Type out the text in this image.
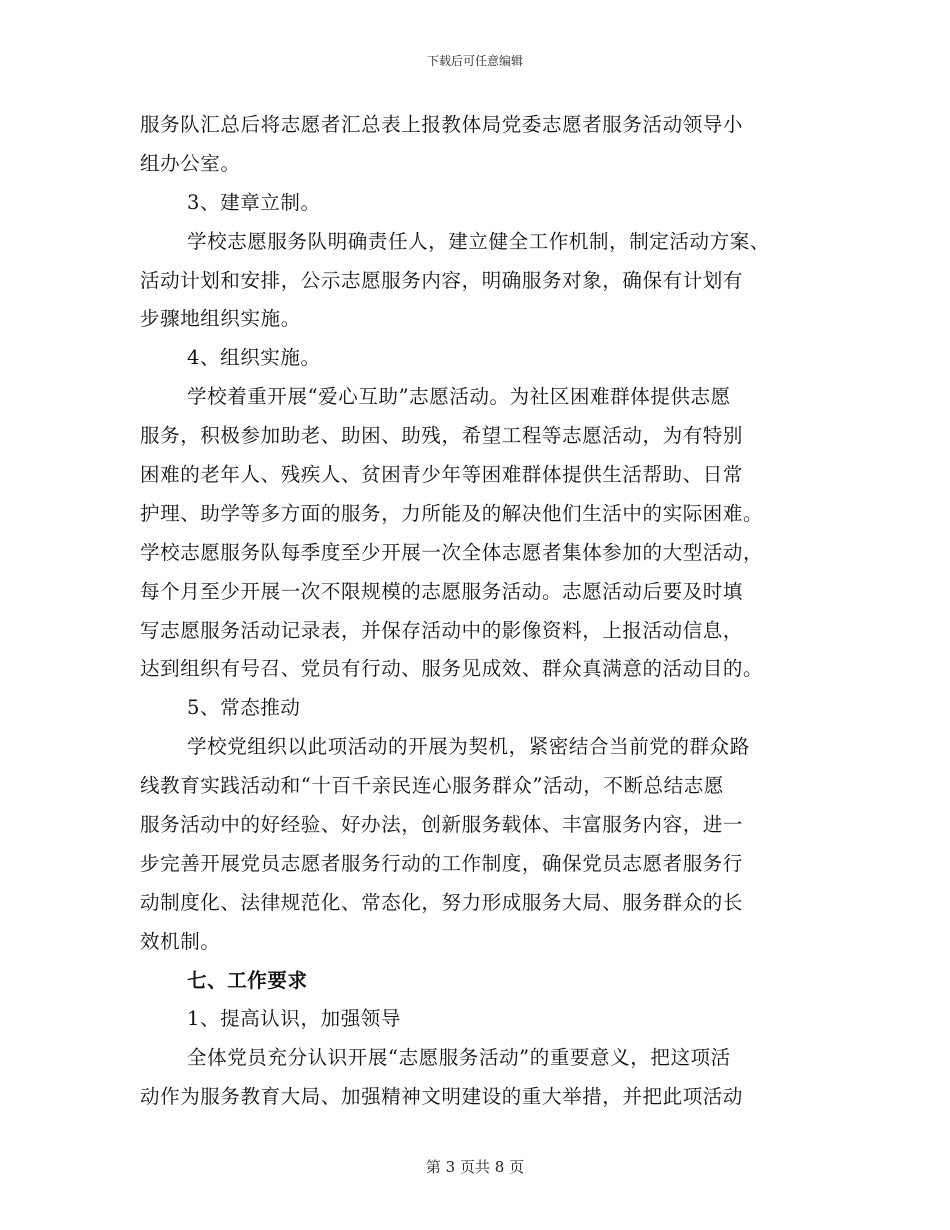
下载后可任意编辑
服务队汇总后将志愿者汇总表上报教体局党委志愿者服务活动领导小
组办公室。
3、建章立制。
学校志愿服务队明确责任人，建立健全工作机制，制定活动方案、
活动计划和安排，公示志愿服务内容，明确服务对象，确保有计划有
步骤地组织实施。
4、组织实施。
学校着重开展“爱心互助”志愿活动。为社区困难群体提供志愿
服务，积极参加助老、助困、助残，希望工程等志愿活动，为有特别
困难的老年人、残疾人、贫困青少年等困难群体提供生活帮助、日常
护理、助学等多方面的服务，力所能及的解决他们生活中的实际困难。
学校志愿服务队每季度至少开展一次全体志愿者集体参加的大型活动，
每个月至少开展一次不限规模的志愿服务活动。志愿活动后要及时填
写志愿服务活动记录表，并保存活动中的影像资料，上报活动信息，
达到组织有号召、党员有行动、服务见成效、群众真满意的活动目的。
5、常态推动
学校党组织以此项活动的开展为契机，紧密结合当前党的群众路
线教育实践活动和“十百千亲民连心服务群众”活动，不断总结志愿
服务活动中的好经验、好办法，创新服务载体、丰富服务内容，进一
步完善开展党员志愿者服务行动的工作制度，确保党员志愿者服务行
动制度化、法律规范化、常态化，努力形成服务大局、服务群众的长
效机制。
七、工作要求
1、提高认识，加强领导
全体党员充分认识开展“志愿服务活动”的重要意义，把这项活
动作为服务教育大局、加强精神文明建设的重大举措，并把此项活动
第 3 页共 8 页
